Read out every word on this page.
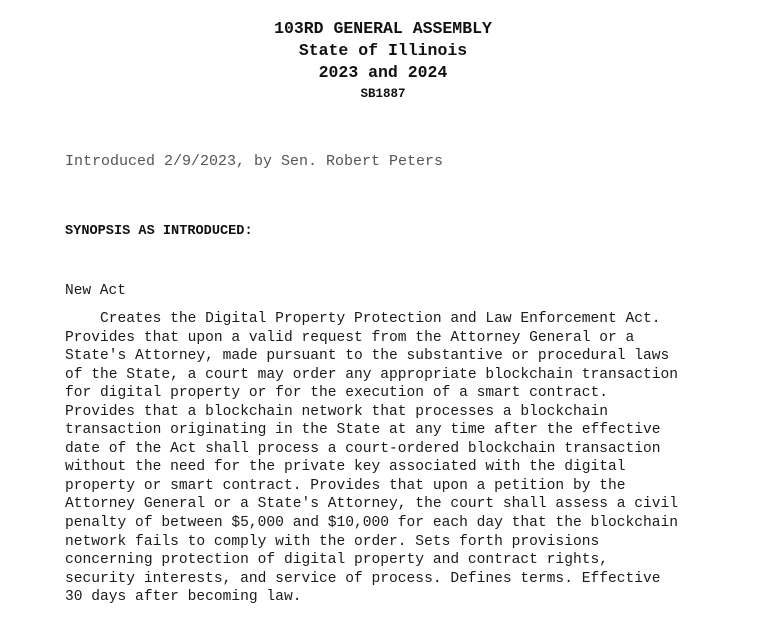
103RD GENERAL ASSEMBLY
State of Illinois
2023 and 2024
SB1887
Introduced 2/9/2023, by Sen. Robert Peters
SYNOPSIS AS INTRODUCED:
New Act
Creates the Digital Property Protection and Law Enforcement Act.
Provides that upon a valid request from the Attorney General or a
State's Attorney, made pursuant to the substantive or procedural laws
of the State, a court may order any appropriate blockchain transaction
for digital property or for the execution of a smart contract.
Provides that a blockchain network that processes a blockchain
transaction originating in the State at any time after the effective
date of the Act shall process a court-ordered blockchain transaction
without the need for the private key associated with the digital
property or smart contract. Provides that upon a petition by the
Attorney General or a State's Attorney, the court shall assess a civil
penalty of between $5,000 and $10,000 for each day that the blockchain
network fails to comply with the order. Sets forth provisions
concerning protection of digital property and contract rights,
security interests, and service of process. Defines terms. Effective
30 days after becoming law.
